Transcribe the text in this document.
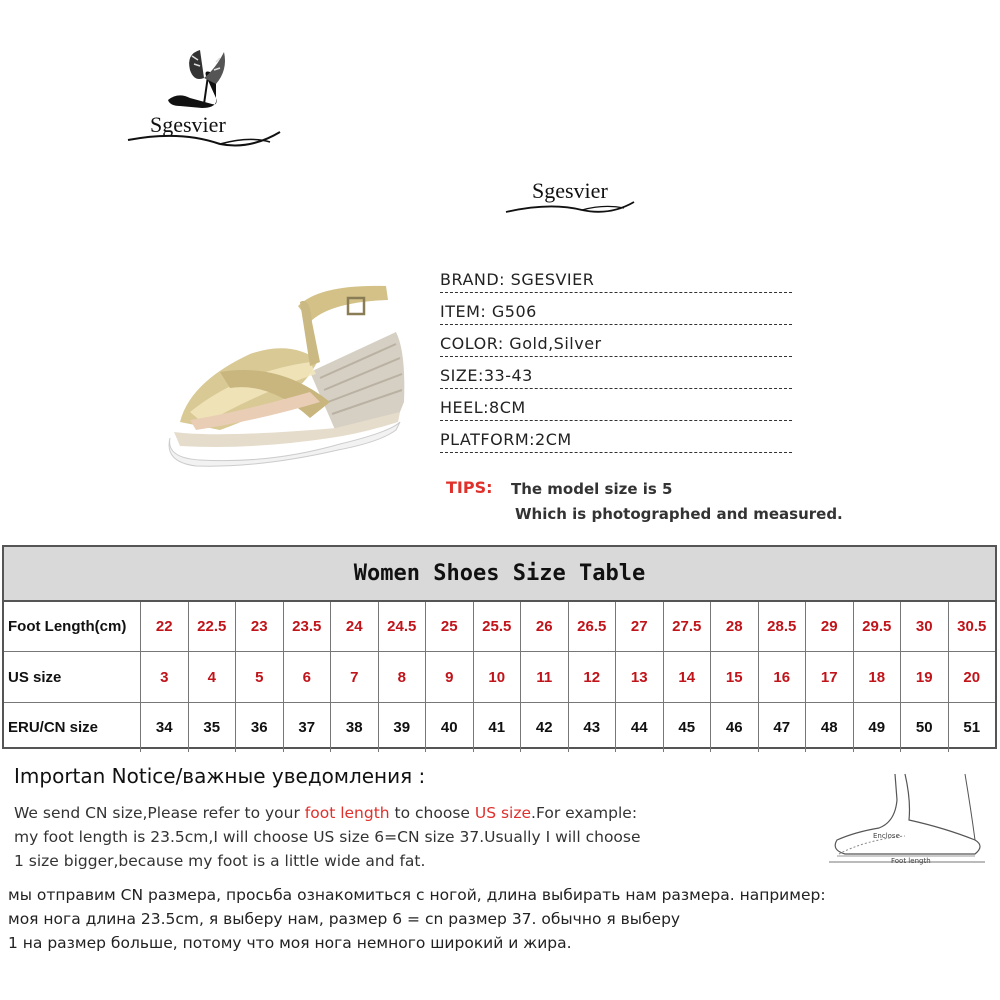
Sgesvier
Sgesvier
BRAND: SGESVIER
ITEM: G506
COLOR: Gold,Silver
SIZE:33-43
HEEL:8CM
PLATFORM:2CM
TIPS: The model size is 5
Which is photographed and measured.
Women Shoes Size Table
Foot Length(cm)	22	22.5	23	23.5	24	24.5	25	25.5	26	26.5	27	27.5	28	28.5	29	29.5	30	30.5
US size	3	4	5	6	7	8	9	10	11	12	13	14	15	16	17	18	19	20
ERU/CN size	34	35	36	37	38	39	40	41	42	43	44	45	46	47	48	49	50	51
Importan Notice/важные уведомления :
We send CN size,Please refer to your foot length to choose US size.For example:
my foot length is 23.5cm,I will choose US size 6=CN size 37.Usually I will choose
1 size bigger,because my foot is a little wide and fat.
мы отправим CN размера, просьба ознакомиться с ногой, длина выбирать нам размера. например:
моя нога длина 23.5cm, я выберу нам, размер 6 = cn размер 37. обычно я выберу
1 на размер больше, потому что моя нога немного широкий и жира.
Enclose
Foot length
